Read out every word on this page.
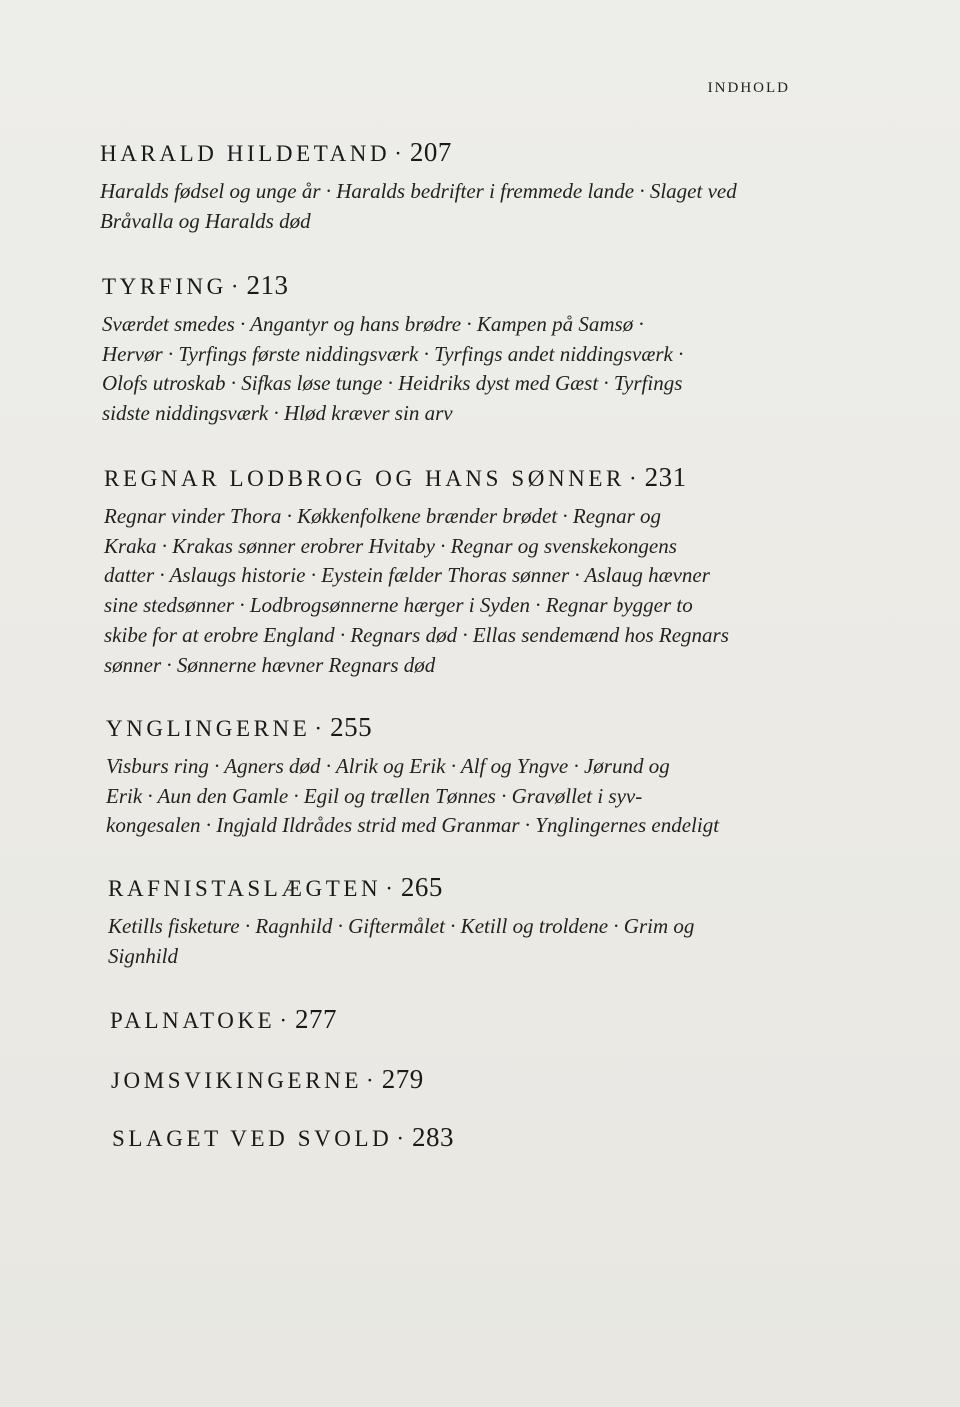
INDHOLD
HARALD HILDETAND · 207
Haralds fødsel og unge år · Haralds bedrifter i fremmede lande · Slaget ved
Bråvalla og Haralds død
TYRFING · 213
Sværdet smedes · Angantyr og hans brødre · Kampen på Samsø ·
Hervør · Tyrfings første niddingsværk · Tyrfings andet niddingsværk ·
Olofs utroskab · Sifkas løse tunge · Heidriks dyst med Gæst · Tyrfings
sidste niddingsværk · Hlød kræver sin arv
REGNAR LODBROG OG HANS SØNNER · 231
Regnar vinder Thora · Køkkenfolkene brænder brødet · Regnar og
Kraka · Krakas sønner erobrer Hvitaby · Regnar og svenskekongens
datter · Aslaugs historie · Eystein fælder Thoras sønner · Aslaug hævner
sine stedsønner · Lodbrogsønnerne hærger i Syden · Regnar bygger to
skibe for at erobre England · Regnars død · Ellas sendemænd hos Regnars
sønner · Sønnerne hævner Regnars død
YNGLINGERNE · 255
Visburs ring · Agners død · Alrik og Erik · Alf og Yngve · Jørund og
Erik · Aun den Gamle · Egil og trællen Tønnes · Gravøllet i syv-
kongesalen · Ingjald Ildrådes strid med Granmar · Ynglingernes endeligt
RAFNISTASLÆGTEN · 265
Ketills fisketure · Ragnhild · Giftermålet · Ketill og troldene · Grim og
Signhild
PALNATOKE · 277
JOMSVIKINGERNE · 279
SLAGET VED SVOLD · 283
